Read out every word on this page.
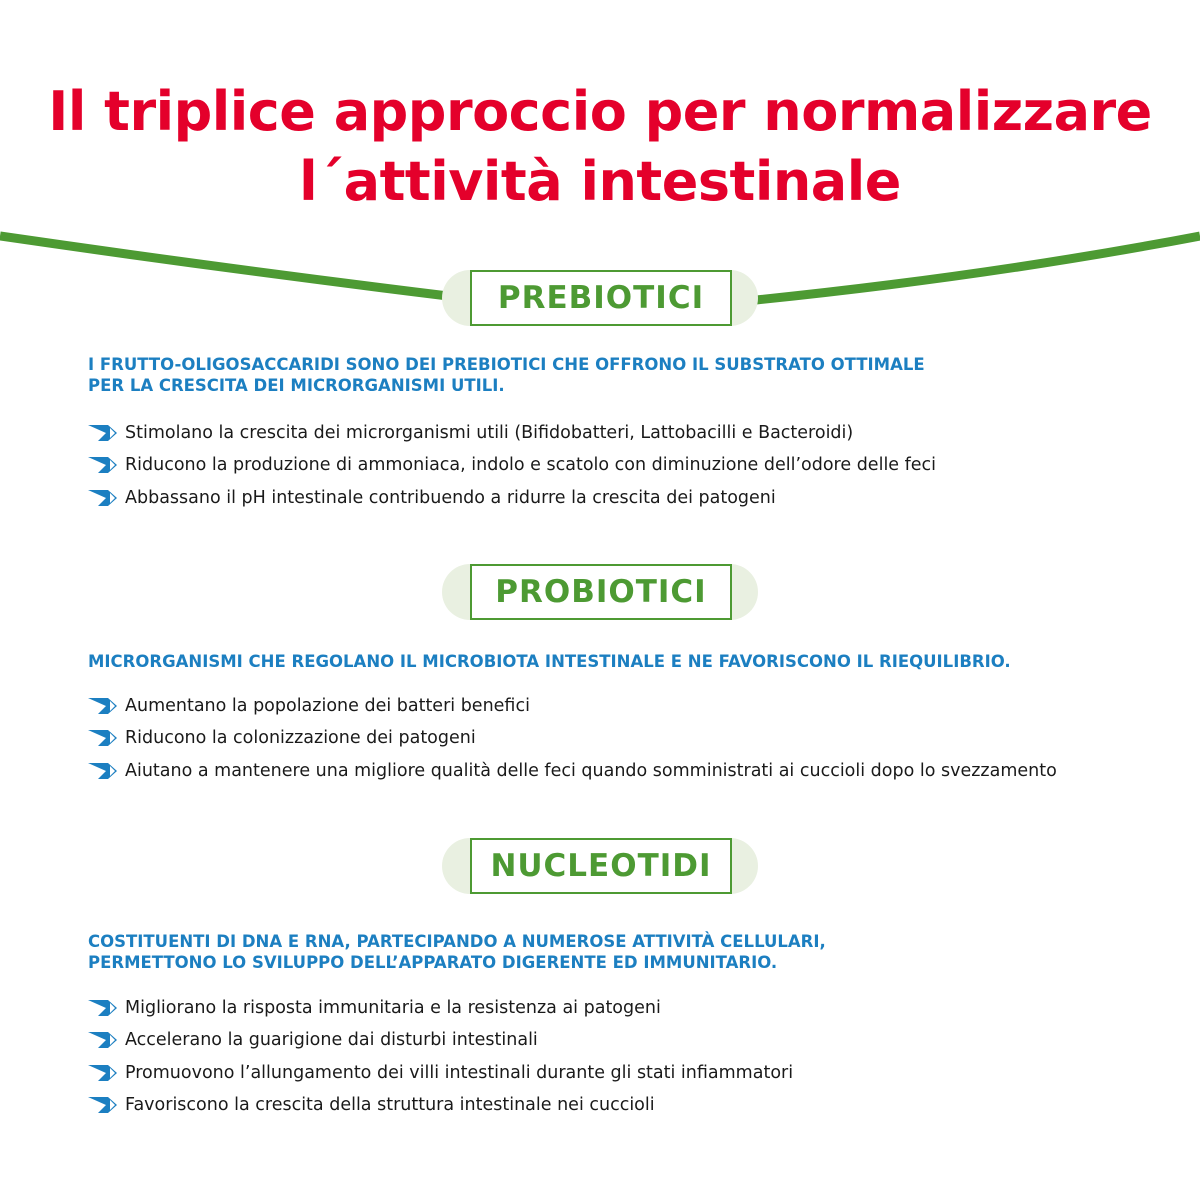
Il triplice approccio per normalizzare
l´attività intestinale
PREBIOTICI

I FRUTTO-OLIGOSACCARIDI SONO DEI PREBIOTICI CHE OFFRONO IL SUBSTRATO OTTIMALE
PER LA CRESCITA DEI MICRORGANISMI UTILI.

Stimolano la crescita dei microrganismi utili (Bifidobatteri, Lattobacilli e Bacteroidi)
Riducono la produzione di ammoniaca, indolo e scatolo con diminuzione dell’odore delle feci
Abbassano il pH intestinale contribuendo a ridurre la crescita dei patogeni
PROBIOTICI

MICRORGANISMI CHE REGOLANO IL MICROBIOTA INTESTINALE E NE FAVORISCONO IL RIEQUILIBRIO.

Aumentano la popolazione dei batteri benefici
Riducono la colonizzazione dei patogeni
Aiutano a mantenere una migliore qualità delle feci quando somministrati ai cuccioli dopo lo svezzamento
NUCLEOTIDI

COSTITUENTI DI DNA E RNA, PARTECIPANDO A NUMEROSE ATTIVITÀ CELLULARI,
PERMETTONO LO SVILUPPO DELL’APPARATO DIGERENTE ED IMMUNITARIO.

Migliorano la risposta immunitaria e la resistenza ai patogeni
Accelerano la guarigione dai disturbi intestinali
Promuovono l’allungamento dei villi intestinali durante gli stati infiammatori
Favoriscono la crescita della struttura intestinale nei cuccioli
